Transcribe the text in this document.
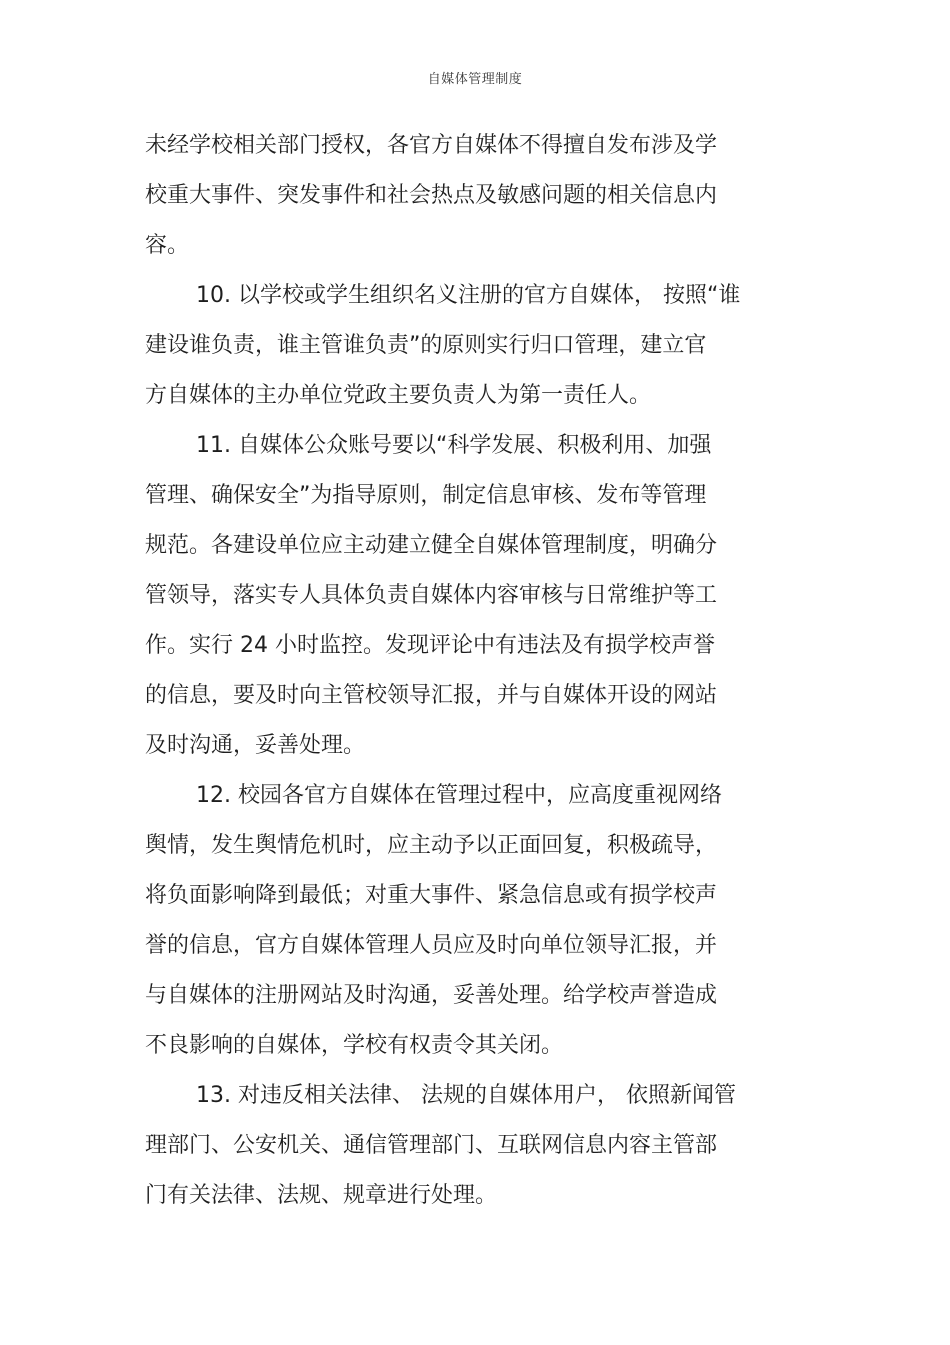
自媒体管理制度
未经学校相关部门授权，各官方自媒体不得擅自发布涉及学
校重大事件、突发事件和社会热点及敏感问题的相关信息内
容。
10. 以学校或学生组织名义注册的官方自媒体， 按照“谁
建设谁负责，谁主管谁负责”的原则实行归口管理，建立官
方自媒体的主办单位党政主要负责人为第一责任人。
11. 自媒体公众账号要以“科学发展、积极利用、加强
管理、确保安全”为指导原则，制定信息审核、发布等管理
规范。各建设单位应主动建立健全自媒体管理制度，明确分
管领导，落实专人具体负责自媒体内容审核与日常维护等工
作。实行 24 小时监控。发现评论中有违法及有损学校声誉
的信息，要及时向主管校领导汇报，并与自媒体开设的网站
及时沟通，妥善处理。
12. 校园各官方自媒体在管理过程中，应高度重视网络
舆情，发生舆情危机时，应主动予以正面回复，积极疏导，
将负面影响降到最低；对重大事件、紧急信息或有损学校声
誉的信息，官方自媒体管理人员应及时向单位领导汇报，并
与自媒体的注册网站及时沟通，妥善处理。给学校声誉造成
不良影响的自媒体，学校有权责令其关闭。
13. 对违反相关法律、 法规的自媒体用户， 依照新闻管
理部门、公安机关、通信管理部门、互联网信息内容主管部
门有关法律、法规、规章进行处理。
